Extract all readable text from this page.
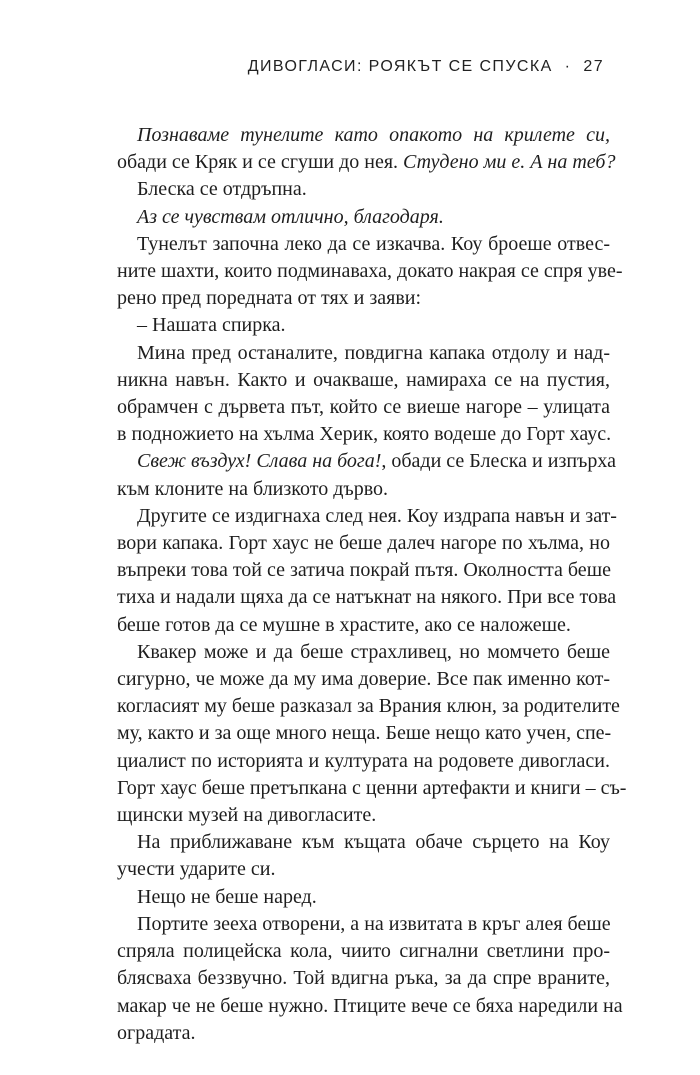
ДИВОГЛАСИ: РОЯКЪТ СЕ СПУСКА · 27
Познаваме тунелите като опакото на крилете си,
обади се Кряк и се сгуши до нея. Студено ми е. А на теб?
Блеска се отдръпна.
Аз се чувствам отлично, благодаря.
Тунелът започна леко да се изкачва. Коу броеше отвес-
ните шахти, които подминаваха, докато накрая се спря уве-
рено пред поредната от тях и заяви:
– Нашата спирка.
Мина пред останалите, повдигна капака отдолу и над-
никна навън. Както и очакваше, намираха се на пустия,
обрамчен с дървета път, който се виеше нагоре – улицата
в подножието на хълма Херик, която водеше до Горт хаус.
Свеж въздух! Слава на бога!, обади се Блеска и изпърха
към клоните на близкото дърво.
Другите се издигнаха след нея. Коу издрапа навън и зат-
вори капака. Горт хаус не беше далеч нагоре по хълма, но
въпреки това той се затича покрай пътя. Околността беше
тиха и надали щяха да се натъкнат на някого. При все това
беше готов да се мушне в храстите, ако се наложеше.
Квакер може и да беше страхливец, но момчето беше
сигурно, че може да му има доверие. Все пак именно кот-
когласият му беше разказал за Врания клюн, за родителите
му, както и за още много неща. Беше нещо като учен, спе-
циалист по историята и културата на родовете дивогласи.
Горт хаус беше претъпкана с ценни артефакти и книги – съ-
щински музей на дивогласите.
На приближаване към къщата обаче сърцето на Коу
учести ударите си.
Нещо не беше наред.
Портите зееха отворени, а на извитата в кръг алея беше
спряла полицейска кола, чиито сигнални светлини про-
блясваха беззвучно. Той вдигна ръка, за да спре враните,
макар че не беше нужно. Птиците вече се бяха наредили на
оградата.
